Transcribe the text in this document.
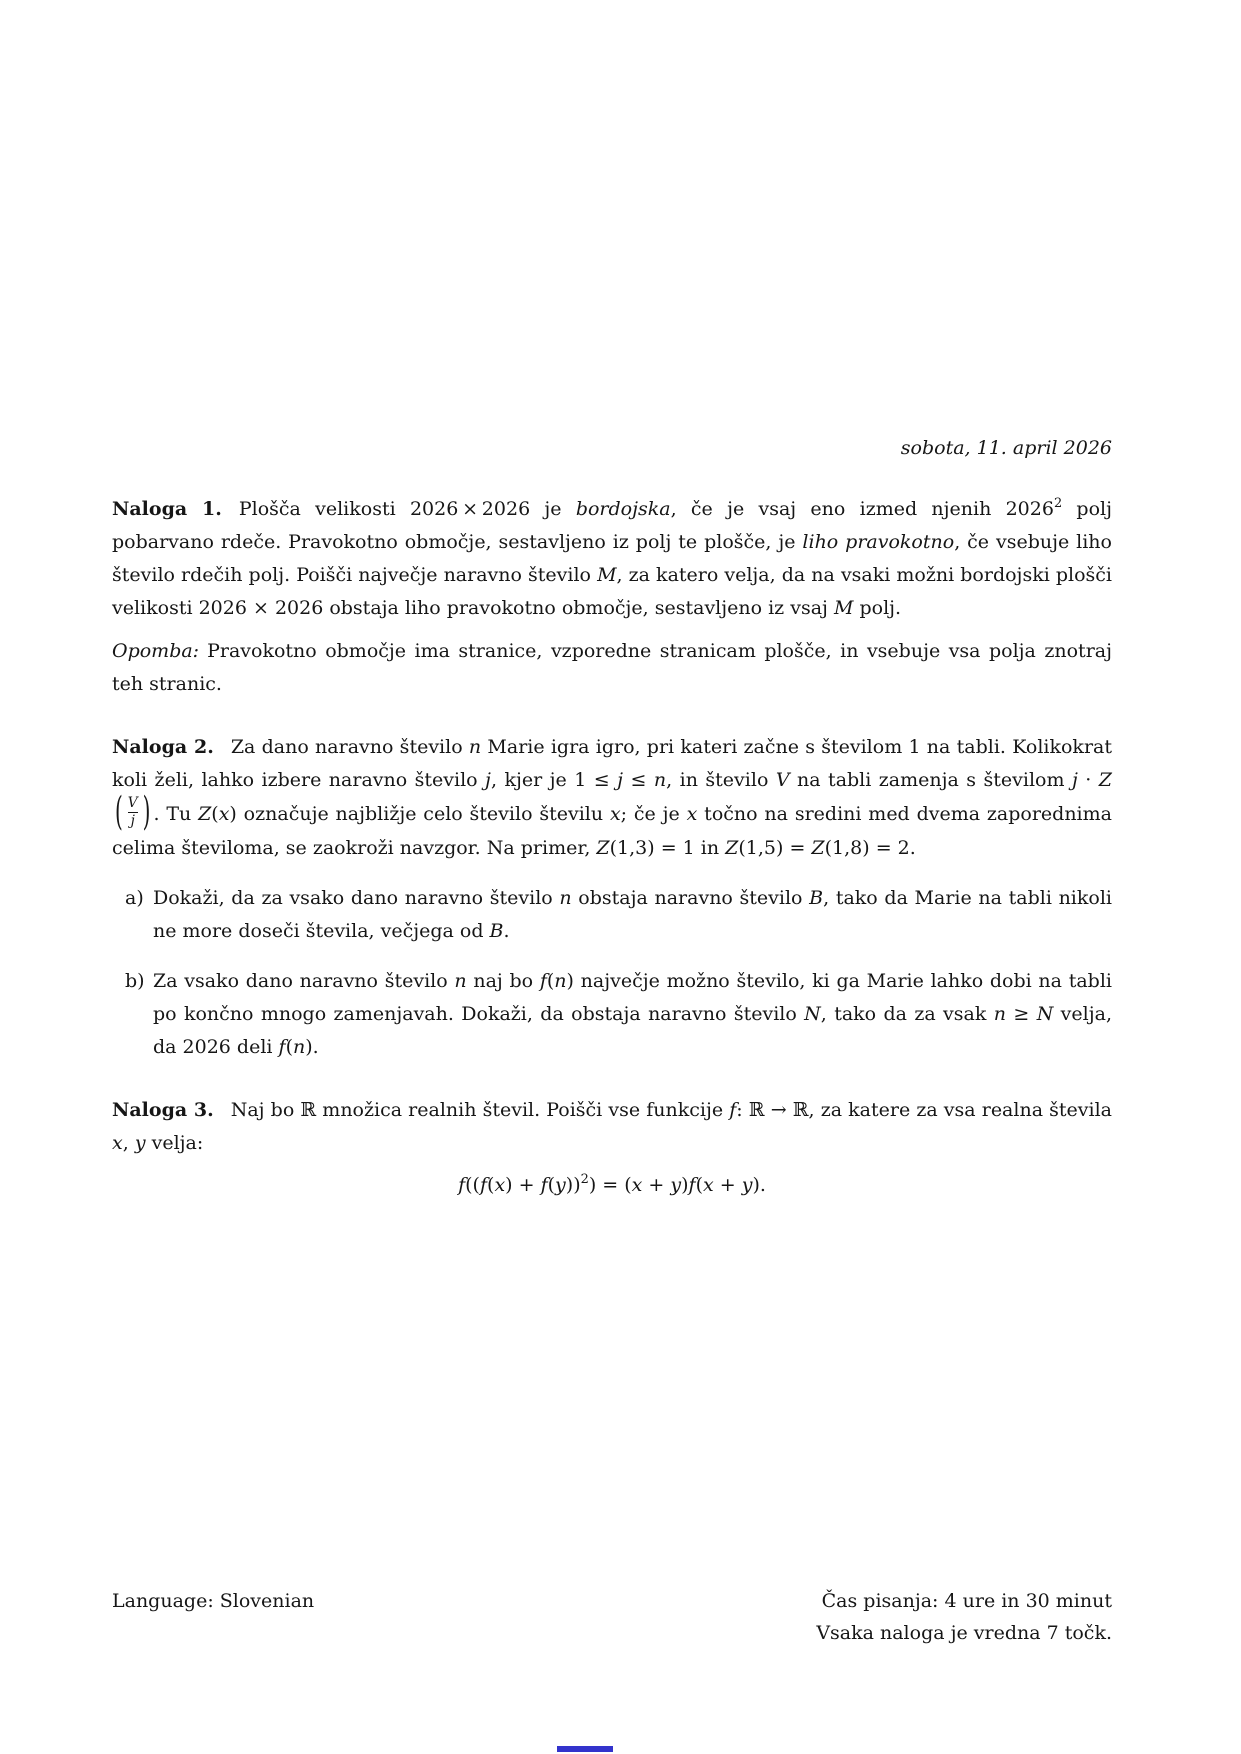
sobota, 11. april 2026
Naloga 1. Plošča velikosti 2026 × 2026 je bordojska, če je vsaj eno izmed njenih 2026$^2$ polj pobarvano rdeče. Pravokotno območje, sestavljeno iz polj te plošče, je liho pravokotno, če vsebuje liho število rdečih polj. Poišči največje naravno število M, za katero velja, da na vsaki možni bordojski plošči velikosti 2026 × 2026 obstaja liho pravokotno območje, sestavljeno iz vsaj M polj.
Opomba: Pravokotno območje ima stranice, vzporedne stranicam plošče, in vsebuje vsa polja znotraj teh stranic.
Naloga 2. Za dano naravno število n Marie igra igro, pri kateri začne s številom 1 na tabli. Kolikokrat koli želi, lahko izbere naravno število j, kjer je 1 ≤ j ≤ n, in število V na tabli zamenja s številom j · Z
( V
j ) . Tu Z(x) označuje najbližje celo število številu x; če je x točno na sredini med dvema zaporednima celima številoma, se zaokroži navzgor. Na primer, Z(1,3) = 1 in Z(1,5) = Z(1,8) = 2.
a) Dokaži, da za vsako dano naravno število n obstaja naravno število B, tako da Marie na tabli nikoli ne more doseči števila, večjega od B.
b) Za vsako dano naravno število n naj bo f(n) največje možno število, ki ga Marie lahko dobi na tabli po končno mnogo zamenjavah. Dokaži, da obstaja naravno število N, tako da za vsak n ≥ N velja, da 2026 deli f(n).
Naloga 3. Naj bo ℝ množica realnih števil. Poišči vse funkcije f: ℝ → ℝ, za katere za vsa realna števila x, y velja:
$f((f(x) + f(y))^2) = (x + y)f(x + y)$.
Language: Slovenian	Čas pisanja: 4 ure in 30 minut
Vsaka naloga je vredna 7 točk.
